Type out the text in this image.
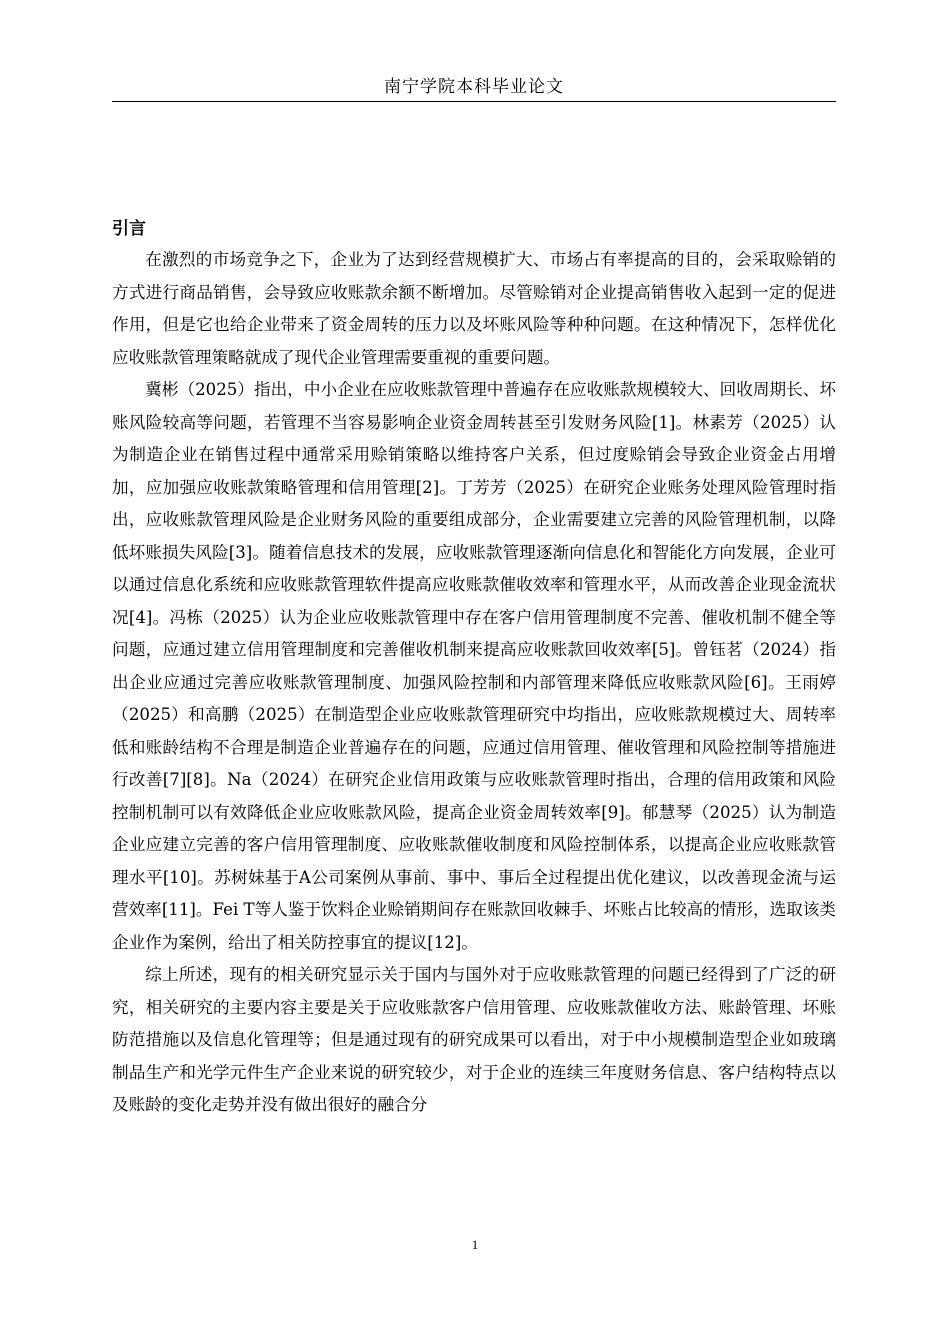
南宁学院本科毕业论文
引言

在激烈的市场竞争之下，企业为了达到经营规模扩大、市场占有率提高的目的，会采取赊销的方式进行商品销售，会导致应收账款余额不断增加。尽管赊销对企业提高销售收入起到一定的促进作用，但是它也给企业带来了资金周转的压力以及坏账风险等种种问题。在这种情况下，怎样优化应收账款管理策略就成了现代企业管理需要重视的重要问题。

冀彬（2025）指出，中小企业在应收账款管理中普遍存在应收账款规模较大、回收周期长、坏账风险较高等问题，若管理不当容易影响企业资金周转甚至引发财务风险[1]。林素芳（2025）认为制造企业在销售过程中通常采用赊销策略以维持客户关系，但过度赊销会导致企业资金占用增加，应加强应收账款策略管理和信用管理[2]。丁芳芳（2025）在研究企业账务处理风险管理时指出，应收账款管理风险是企业财务风险的重要组成部分，企业需要建立完善的风险管理机制，以降低坏账损失风险[3]。随着信息技术的发展，应收账款管理逐渐向信息化和智能化方向发展，企业可以通过信息化系统和应收账款管理软件提高应收账款催收效率和管理水平，从而改善企业现金流状况[4]。冯栋（2025）认为企业应收账款管理中存在客户信用管理制度不完善、催收机制不健全等问题，应通过建立信用管理制度和完善催收机制来提高应收账款回收效率[5]。曾钰茗（2024）指出企业应通过完善应收账款管理制度、加强风险控制和内部管理来降低应收账款风险[6]。王雨婷（2025）和高鹏（2025）在制造型企业应收账款管理研究中均指出，应收账款规模过大、周转率低和账龄结构不合理是制造企业普遍存在的问题，应通过信用管理、催收管理和风险控制等措施进行改善[7][8]。Na（2024）在研究企业信用政策与应收账款管理时指出，合理的信用政策和风险控制机制可以有效降低企业应收账款风险，提高企业资金周转效率[9]。郁慧琴（2025）认为制造企业应建立完善的客户信用管理制度、应收账款催收制度和风险控制体系，以提高企业应收账款管理水平[10]。苏树妹基于A公司案例从事前、事中、事后全过程提出优化建议，以改善现金流与运营效率[11]。Fei T等人鉴于饮料企业赊销期间存在账款回收棘手、坏账占比较高的情形，选取该类企业作为案例，给出了相关防控事宜的提议[12]。

综上所述，现有的相关研究显示关于国内与国外对于应收账款管理的问题已经得到了广泛的研究，相关研究的主要内容主要是关于应收账款客户信用管理、应收账款催收方法、账龄管理、坏账防范措施以及信息化管理等；但是通过现有的研究成果可以看出，对于中小规模制造型企业如玻璃制品生产和光学元件生产企业来说的研究较少，对于企业的连续三年度财务信息、客户结构特点以及账龄的变化走势并没有做出很好的融合分

1
